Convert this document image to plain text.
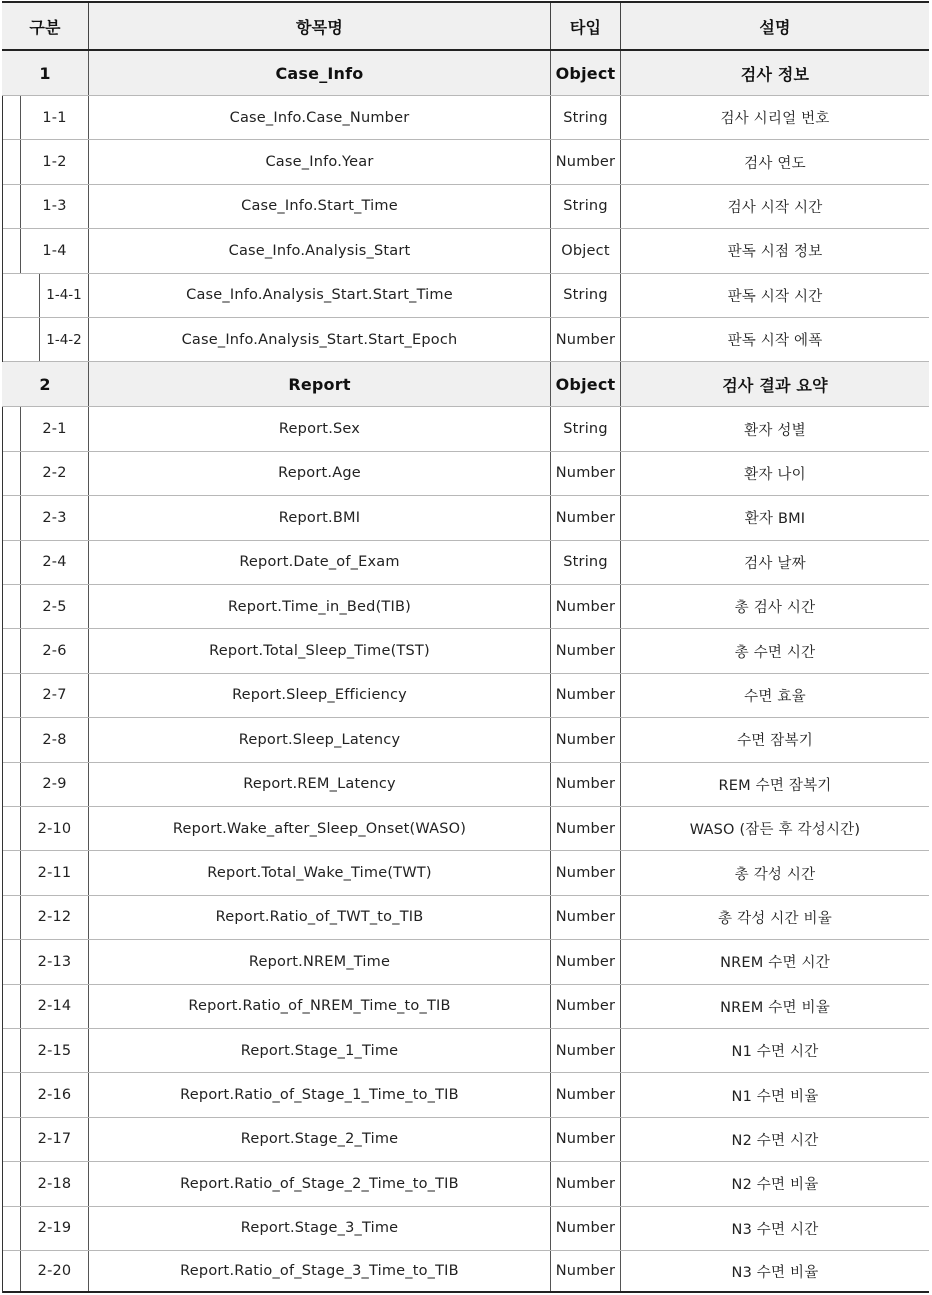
구분	항목명	타입	설명
1	Case_Info	Object	검사 정보
1-1	Case_Info.Case_Number	String	검사 시리얼 번호
1-2	Case_Info.Year	Number	검사 연도
1-3	Case_Info.Start_Time	String	검사 시작 시간
1-4	Case_Info.Analysis_Start	Object	판독 시점 정보
1-4-1	Case_Info.Analysis_Start.Start_Time	String	판독 시작 시간
1-4-2	Case_Info.Analysis_Start.Start_Epoch	Number	판독 시작 에폭
2	Report	Object	검사 결과 요약
2-1	Report.Sex	String	환자 성별
2-2	Report.Age	Number	환자 나이
2-3	Report.BMI	Number	환자 BMI
2-4	Report.Date_of_Exam	String	검사 날짜
2-5	Report.Time_in_Bed(TIB)	Number	총 검사 시간
2-6	Report.Total_Sleep_Time(TST)	Number	총 수면 시간
2-7	Report.Sleep_Efficiency	Number	수면 효율
2-8	Report.Sleep_Latency	Number	수면 잠복기
2-9	Report.REM_Latency	Number	REM 수면 잠복기
2-10	Report.Wake_after_Sleep_Onset(WASO)	Number	WASO (잠든 후 각성시간)
2-11	Report.Total_Wake_Time(TWT)	Number	총 각성 시간
2-12	Report.Ratio_of_TWT_to_TIB	Number	총 각성 시간 비율
2-13	Report.NREM_Time	Number	NREM 수면 시간
2-14	Report.Ratio_of_NREM_Time_to_TIB	Number	NREM 수면 비율
2-15	Report.Stage_1_Time	Number	N1 수면 시간
2-16	Report.Ratio_of_Stage_1_Time_to_TIB	Number	N1 수면 비율
2-17	Report.Stage_2_Time	Number	N2 수면 시간
2-18	Report.Ratio_of_Stage_2_Time_to_TIB	Number	N2 수면 비율
2-19	Report.Stage_3_Time	Number	N3 수면 시간
2-20	Report.Ratio_of_Stage_3_Time_to_TIB	Number	N3 수면 비율
